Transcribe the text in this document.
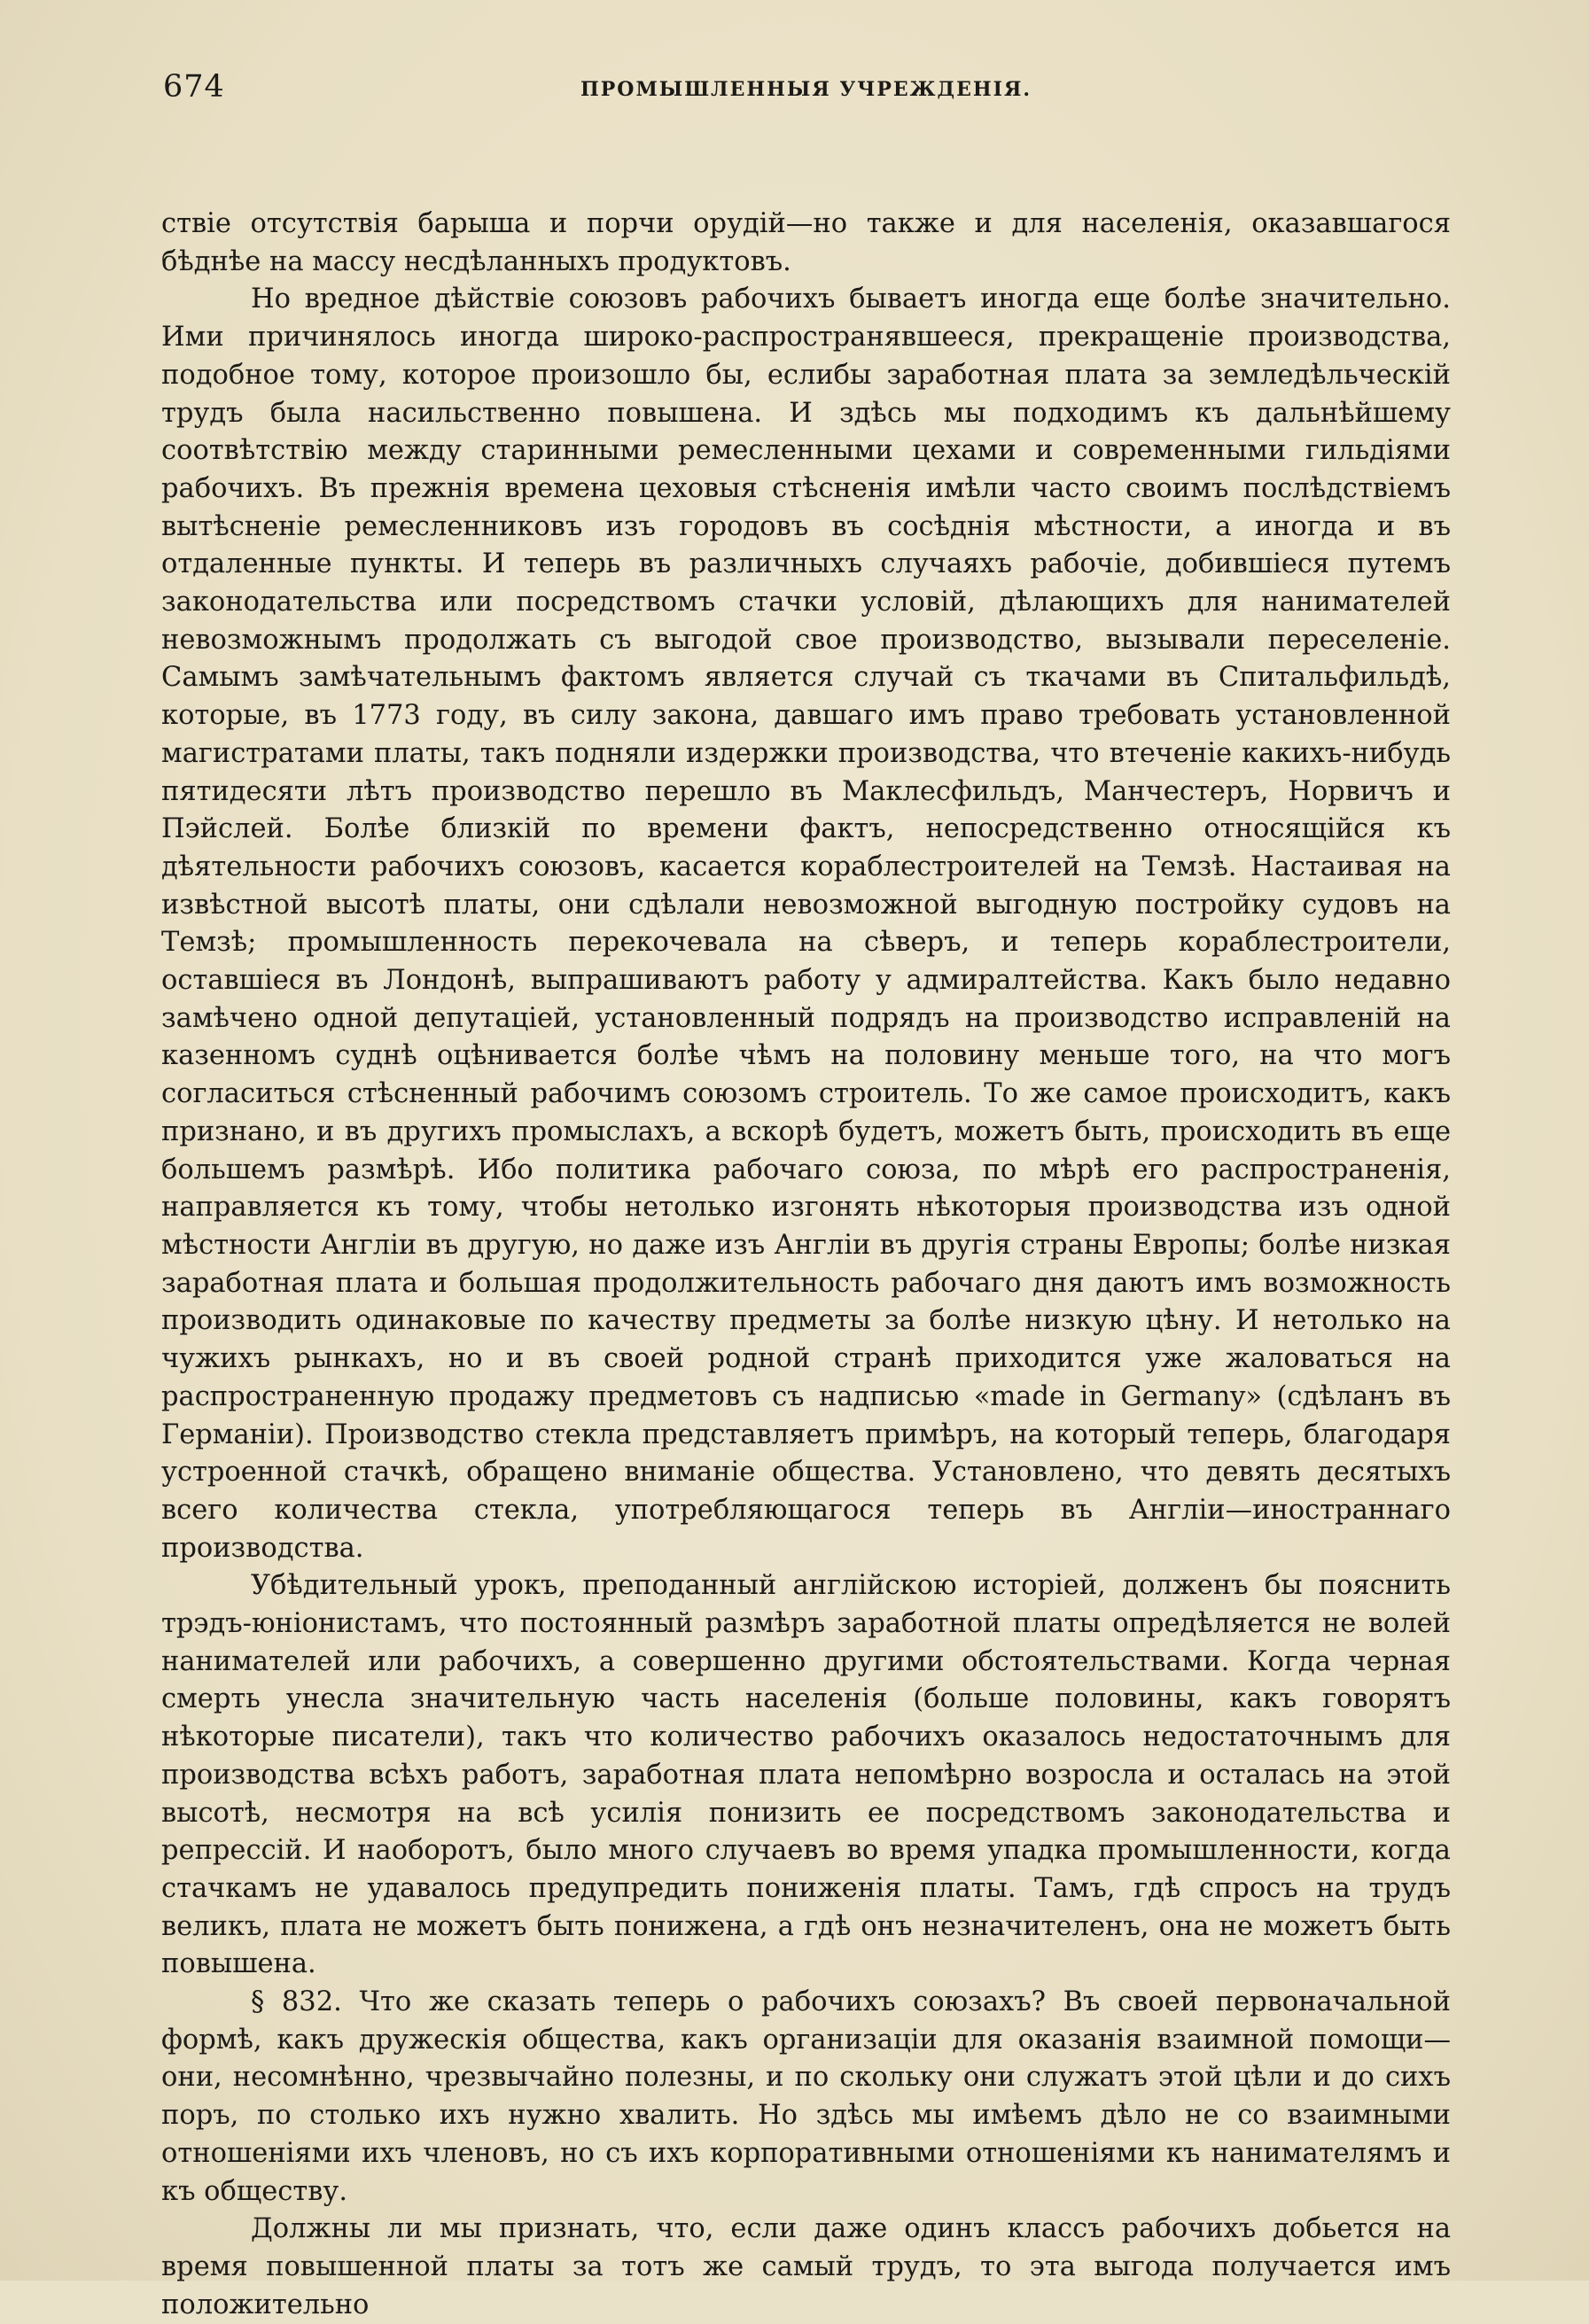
674	ПРОМЫШЛЕННЫЯ УЧРЕЖДЕНІЯ.

ствіе отсутствія барыша и порчи орудій—но также и для населенія, оказавшагося бѣднѣе на массу несдѣланныхъ продуктовъ.

Но вредное дѣйствіе союзовъ рабочихъ бываетъ иногда еще болѣе значительно. Ими причинялось иногда широко-распространявшееся, прекращеніе производства, подобное тому, которое произошло бы, еслибы заработная плата за земледѣльческій трудъ была насильственно повышена. И здѣсь мы подходимъ къ дальнѣйшему соотвѣтствію между старинными ремесленными цехами и современными гильдіями рабочихъ. Въ прежнія времена цеховыя стѣсненія имѣли часто своимъ послѣдствіемъ вытѣсненіе ремесленниковъ изъ городовъ въ сосѣднія мѣстности, а иногда и въ отдаленные пункты. И теперь въ различныхъ случаяхъ рабочіе, добившіеся путемъ законодательства или посредствомъ стачки условій, дѣлающихъ для нанимателей невозможнымъ продолжать съ выгодой свое производство, вызывали переселеніе. Самымъ замѣчательнымъ фактомъ является случай съ ткачами въ Спитальфильдѣ, которые, въ 1773 году, въ силу закона, давшаго имъ право требовать установленной магистратами платы, такъ подняли издержки производства, что втеченіе какихъ-нибудь пятидесяти лѣтъ производство перешло въ Маклесфильдъ, Манчестеръ, Норвичъ и Пэйслей. Болѣе близкій по времени фактъ, непосредственно относящійся къ дѣятельности рабочихъ союзовъ, касается кораблестроителей на Темзѣ. Настаивая на извѣстной высотѣ платы, они сдѣлали невозможной выгодную постройку судовъ на Темзѣ; промышленность перекочевала на сѣверъ, и теперь кораблестроители, оставшіеся въ Лондонѣ, выпрашиваютъ работу у адмиралтейства. Какъ было недавно замѣчено одной депутаціей, установленный подрядъ на производство исправленій на казенномъ суднѣ оцѣнивается болѣе чѣмъ на половину меньше того, на что могъ согласиться стѣсненный рабочимъ союзомъ строитель. То же самое происходитъ, какъ признано, и въ другихъ промыслахъ, а вскорѣ будетъ, можетъ быть, происходить въ еще большемъ размѣрѣ. Ибо политика рабочаго союза, по мѣрѣ его распространенія, направляется къ тому, чтобы нетолько изгонять нѣкоторыя производства изъ одной мѣстности Англіи въ другую, но даже изъ Англіи въ другія страны Европы; болѣе низкая заработная плата и большая продолжительность рабочаго дня даютъ имъ возможность производить одинаковые по качеству предметы за болѣе низкую цѣну. И нетолько на чужихъ рынкахъ, но и въ своей родной странѣ приходится уже жаловаться на распространенную продажу предметовъ съ надписью «made in Germany» (сдѣланъ въ Германіи). Производство стекла представляетъ примѣръ, на который теперь, благодаря устроенной стачкѣ, обращено вниманіе общества. Установлено, что девять десятыхъ всего количества стекла, употребляющагося теперь въ Англіи—иностраннаго производства.

Убѣдительный урокъ, преподанный англійскою исторіей, долженъ бы пояснить трэдъ-юніонистамъ, что постоянный размѣръ заработной платы опредѣляется не волей нанимателей или рабочихъ, а совершенно другими обстоятельствами. Когда черная смерть унесла значительную часть населенія (больше половины, какъ говорятъ нѣкоторые писатели), такъ что количество рабочихъ оказалось недостаточнымъ для производства всѣхъ работъ, заработная плата непомѣрно возросла и осталась на этой высотѣ, несмотря на всѣ усилія понизить ее посредствомъ законодательства и репрессій. И наоборотъ, было много случаевъ во время упадка промышленности, когда стачкамъ не удавалось предупредить пониженія платы. Тамъ, гдѣ спросъ на трудъ великъ, плата не можетъ быть понижена, а гдѣ онъ незначителенъ, она не можетъ быть повышена.

§ 832. Что же сказать теперь о рабочихъ союзахъ? Въ своей первоначальной формѣ, какъ дружескія общества, какъ организаціи для оказанія взаимной помощи—они, несомнѣнно, чрезвычайно полезны, и по скольку они служатъ этой цѣли и до сихъ поръ, по столько ихъ нужно хвалить. Но здѣсь мы имѣемъ дѣло не со взаимными отношеніями ихъ членовъ, но съ ихъ корпоративными отношеніями къ нанимателямъ и къ обществу.

Должны ли мы признать, что, если даже одинъ классъ рабочихъ добьется на время повышенной платы за тотъ же самый трудъ, то эта выгода получается имъ положительно
